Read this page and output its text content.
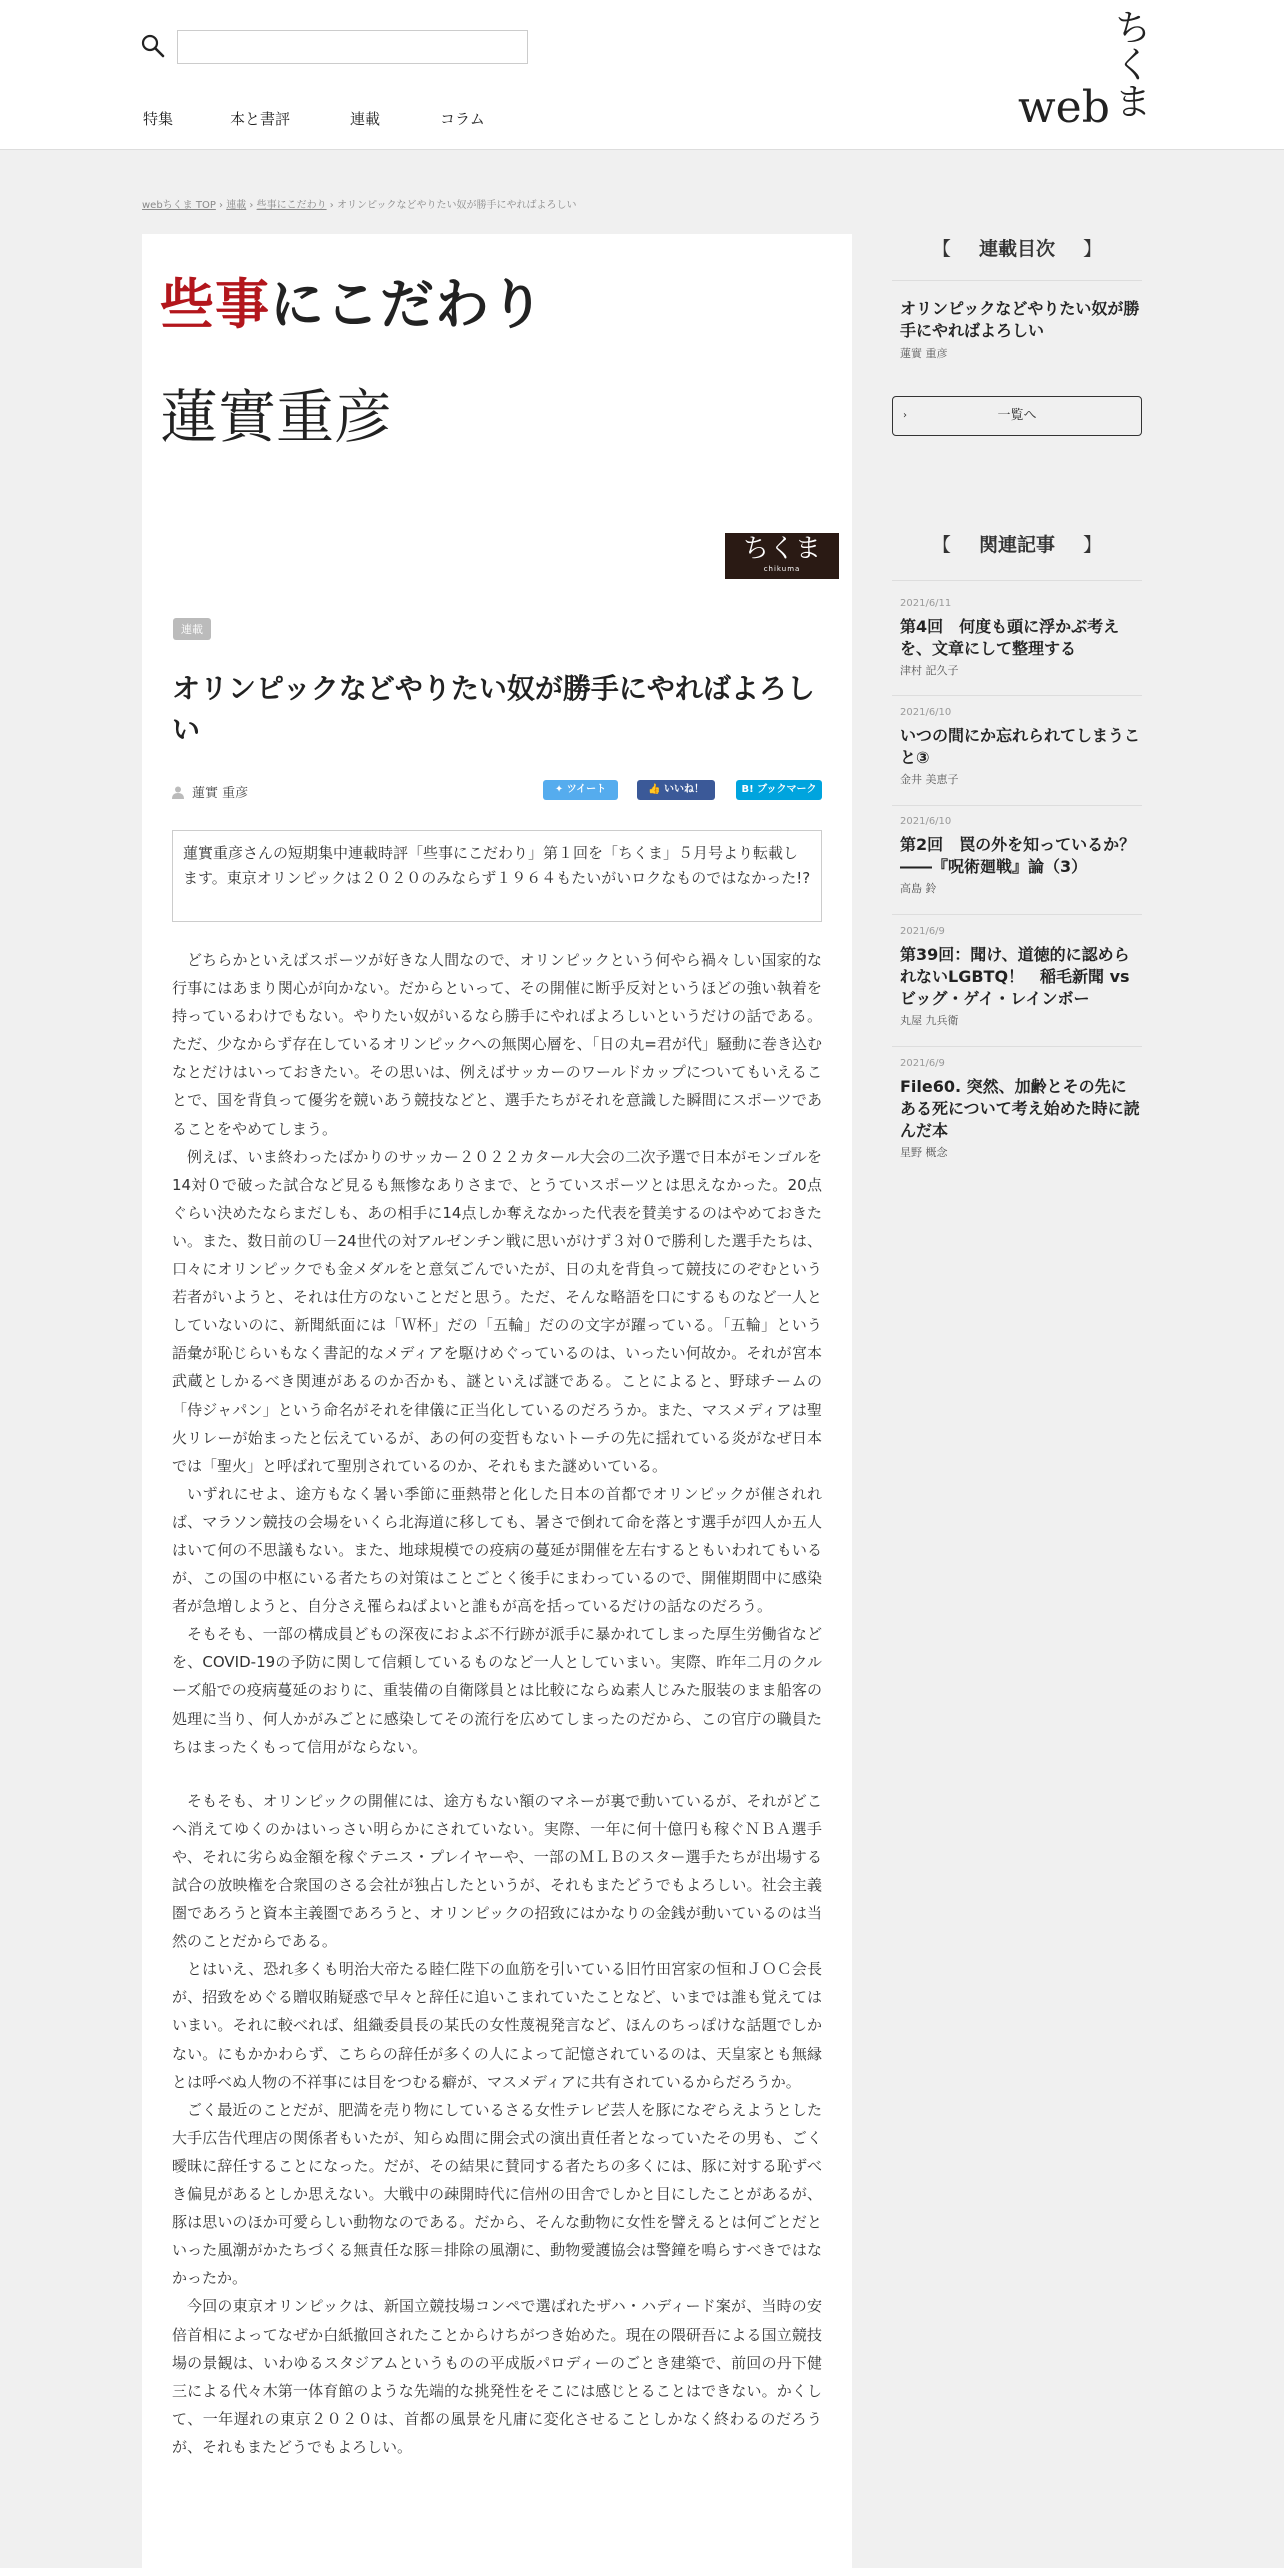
特集	本と書評	連載	コラム	web
ちくま
webちくま TOP › 連載 › 些事にこだわり › オリンピックなどやりたい奴が勝手にやればよろしい
些事にこだわり
蓮實重彦
ちくま
chikuma
連載
オリンピックなどやりたい奴が勝手にやればよろしい
蓮實 重彦	✦ ツイート	👍 いいね！	B! ブックマーク
蓮實重彦さんの短期集中連載時評「些事にこだわり」第１回を「ちくま」５月号より転載します。東京オリンピックは２０２０のみならず１９６４もたいがいロクなものではなかった!?

どちらかといえばスポーツが好きな人間なので、オリンピックという何やら禍々しい国家的な行事にはあまり関心が向かない。だからといって、その開催に断乎反対というほどの強い執着を持っているわけでもない。やりたい奴がいるなら勝手にやればよろしいというだけの話である。ただ、少なからず存在しているオリンピックへの無関心層を、「日の丸=君が代」騒動に巻き込むなとだけはいっておきたい。その思いは、例えばサッカーのワールドカップについてもいえることで、国を背負って優劣を競いあう競技などと、選手たちがそれを意識した瞬間にスポーツであることをやめてしまう。

例えば、いま終わったばかりのサッカー２０２２カタール大会の二次予選で日本がモンゴルを14対０で破った試合など見るも無惨なありさまで、とうていスポーツとは思えなかった。20点ぐらい決めたならまだしも、あの相手に14点しか奪えなかった代表を賛美するのはやめておきたい。また、数日前のＵ－24世代の対アルゼンチン戦に思いがけず３対０で勝利した選手たちは、口々にオリンピックでも金メダルをと意気ごんでいたが、日の丸を背負って競技にのぞむという若者がいようと、それは仕方のないことだと思う。ただ、そんな略語を口にするものなど一人としていないのに、新聞紙面には「Ｗ杯」だの「五輪」だのの文字が躍っている。「五輪」という語彙が恥じらいもなく書記的なメディアを駆けめぐっているのは、いったい何故か。それが宮本武蔵としかるべき関連があるのか否かも、謎といえば謎である。ことによると、野球チームの「侍ジャパン」という命名がそれを律儀に正当化しているのだろうか。また、マスメディアは聖火リレーが始まったと伝えているが、あの何の変哲もないトーチの先に揺れている炎がなぜ日本では「聖火」と呼ばれて聖別されているのか、それもまた謎めいている。

いずれにせよ、途方もなく暑い季節に亜熱帯と化した日本の首都でオリンピックが催されれば、マラソン競技の会場をいくら北海道に移しても、暑さで倒れて命を落とす選手が四人か五人はいて何の不思議もない。また、地球規模での疫病の蔓延が開催を左右するともいわれてもいるが、この国の中枢にいる者たちの対策はことごとく後手にまわっているので、開催期間中に感染者が急増しようと、自分さえ罹らねばよいと誰もが高を括っているだけの話なのだろう。

そもそも、一部の構成員どもの深夜におよぶ不行跡が派手に暴かれてしまった厚生労働省などを、COVID-19の予防に関して信頼しているものなど一人としていまい。実際、昨年二月のクルーズ船での疫病蔓延のおりに、重装備の自衛隊員とは比較にならぬ素人じみた服装のまま船客の処理に当り、何人かがみごとに感染してその流行を広めてしまったのだから、この官庁の職員たちはまったくもって信用がならない。

そもそも、オリンピックの開催には、途方もない額のマネーが裏で動いているが、それがどこへ消えてゆくのかはいっさい明らかにされていない。実際、一年に何十億円も稼ぐＮＢＡ選手や、それに劣らぬ金額を稼ぐテニス・プレイヤーや、一部のＭＬＢのスター選手たちが出場する試合の放映権を合衆国のさる会社が独占したというが、それもまたどうでもよろしい。社会主義圏であろうと資本主義圏であろうと、オリンピックの招致にはかなりの金銭が動いているのは当然のことだからである。

とはいえ、恐れ多くも明治大帝たる睦仁陛下の血筋を引いている旧竹田宮家の恒和ＪＯＣ会長が、招致をめぐる贈収賄疑惑で早々と辞任に追いこまれていたことなど、いまでは誰も覚えてはいまい。それに較べれば、組織委員長の某氏の女性蔑視発言など、ほんのちっぽけな話題でしかない。にもかかわらず、こちらの辞任が多くの人によって記憶されているのは、天皇家とも無縁とは呼べぬ人物の不祥事には目をつむる癖が、マスメディアに共有されているからだろうか。

ごく最近のことだが、肥満を売り物にしているさる女性テレビ芸人を豚になぞらえようとした大手広告代理店の関係者もいたが、知らぬ間に開会式の演出責任者となっていたその男も、ごく曖昧に辞任することになった。だが、その結果に賛同する者たちの多くには、豚に対する恥ずべき偏見があるとしか思えない。大戦中の疎開時代に信州の田舎でしかと目にしたことがあるが、豚は思いのほか可愛らしい動物なのである。だから、そんな動物に女性を譬えるとは何ごとだといった風潮がかたちづくる無責任な豚＝排除の風潮に、動物愛護協会は警鐘を鳴らすべきではなかったか。

今回の東京オリンピックは、新国立競技場コンペで選ばれたザハ・ハディード案が、当時の安倍首相によってなぜか白紙撤回されたことからけちがつき始めた。現在の隈研吾による国立競技場の景観は、いわゆるスタジアムというものの平成版パロディーのごとき建築で、前回の丹下健三による代々木第一体育館のような先端的な挑発性をそこには感じとることはできない。かくして、一年遅れの東京２０２０は、首都の風景を凡庸に変化させることしかなく終わるのだろうが、それもまたどうでもよろしい。

【 連載目次 】
オリンピックなどやりたい奴が勝手にやればよろしい
蓮實 重彦
›	一覧へ
【 関連記事 】
2021/6/11
第4回　何度も頭に浮かぶ考えを、文章にして整理する
津村 記久子
2021/6/10
いつの間にか忘れられてしまうこと③
金井 美恵子
2021/6/10
第2回　罠の外を知っているか？――『呪術廻戦』論（3）
高島 鈴
2021/6/9
第39回：聞け、道徳的に認められないLGBTQ！　稲毛新聞 vs ビッグ・ゲイ・レインボー
丸屋 九兵衛
2021/6/9
File60. 突然、加齢とその先にある死について考え始めた時に読んだ本
星野 概念
